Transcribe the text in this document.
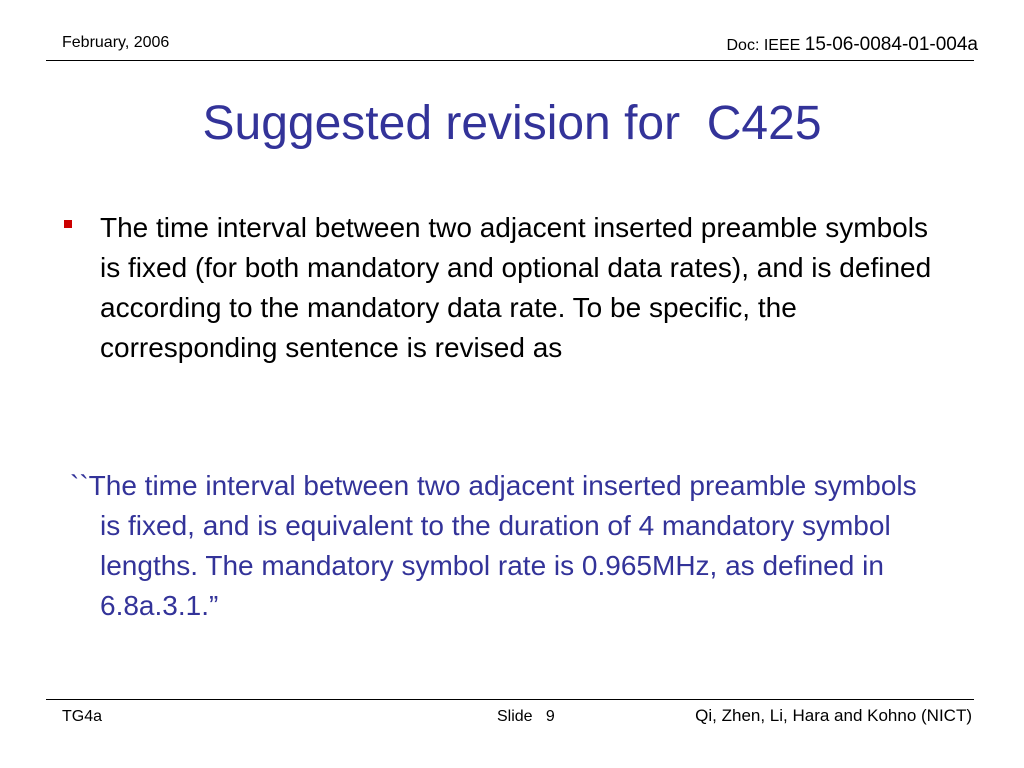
February, 2006	Doc: IEEE 15-06-0084-01-004a
Suggested revision for  C425
The time interval between two adjacent inserted preamble symbols is fixed (for both mandatory and optional data rates), and is defined according to the mandatory data rate. To be specific, the corresponding sentence is revised as
``The time interval between two adjacent inserted preamble symbols is fixed, and is equivalent to the duration of 4 mandatory symbol lengths. The mandatory symbol rate is 0.965MHz, as defined in 6.8a.3.1.”
TG4a	Slide 9	Qi, Zhen, Li, Hara and Kohno (NICT)
